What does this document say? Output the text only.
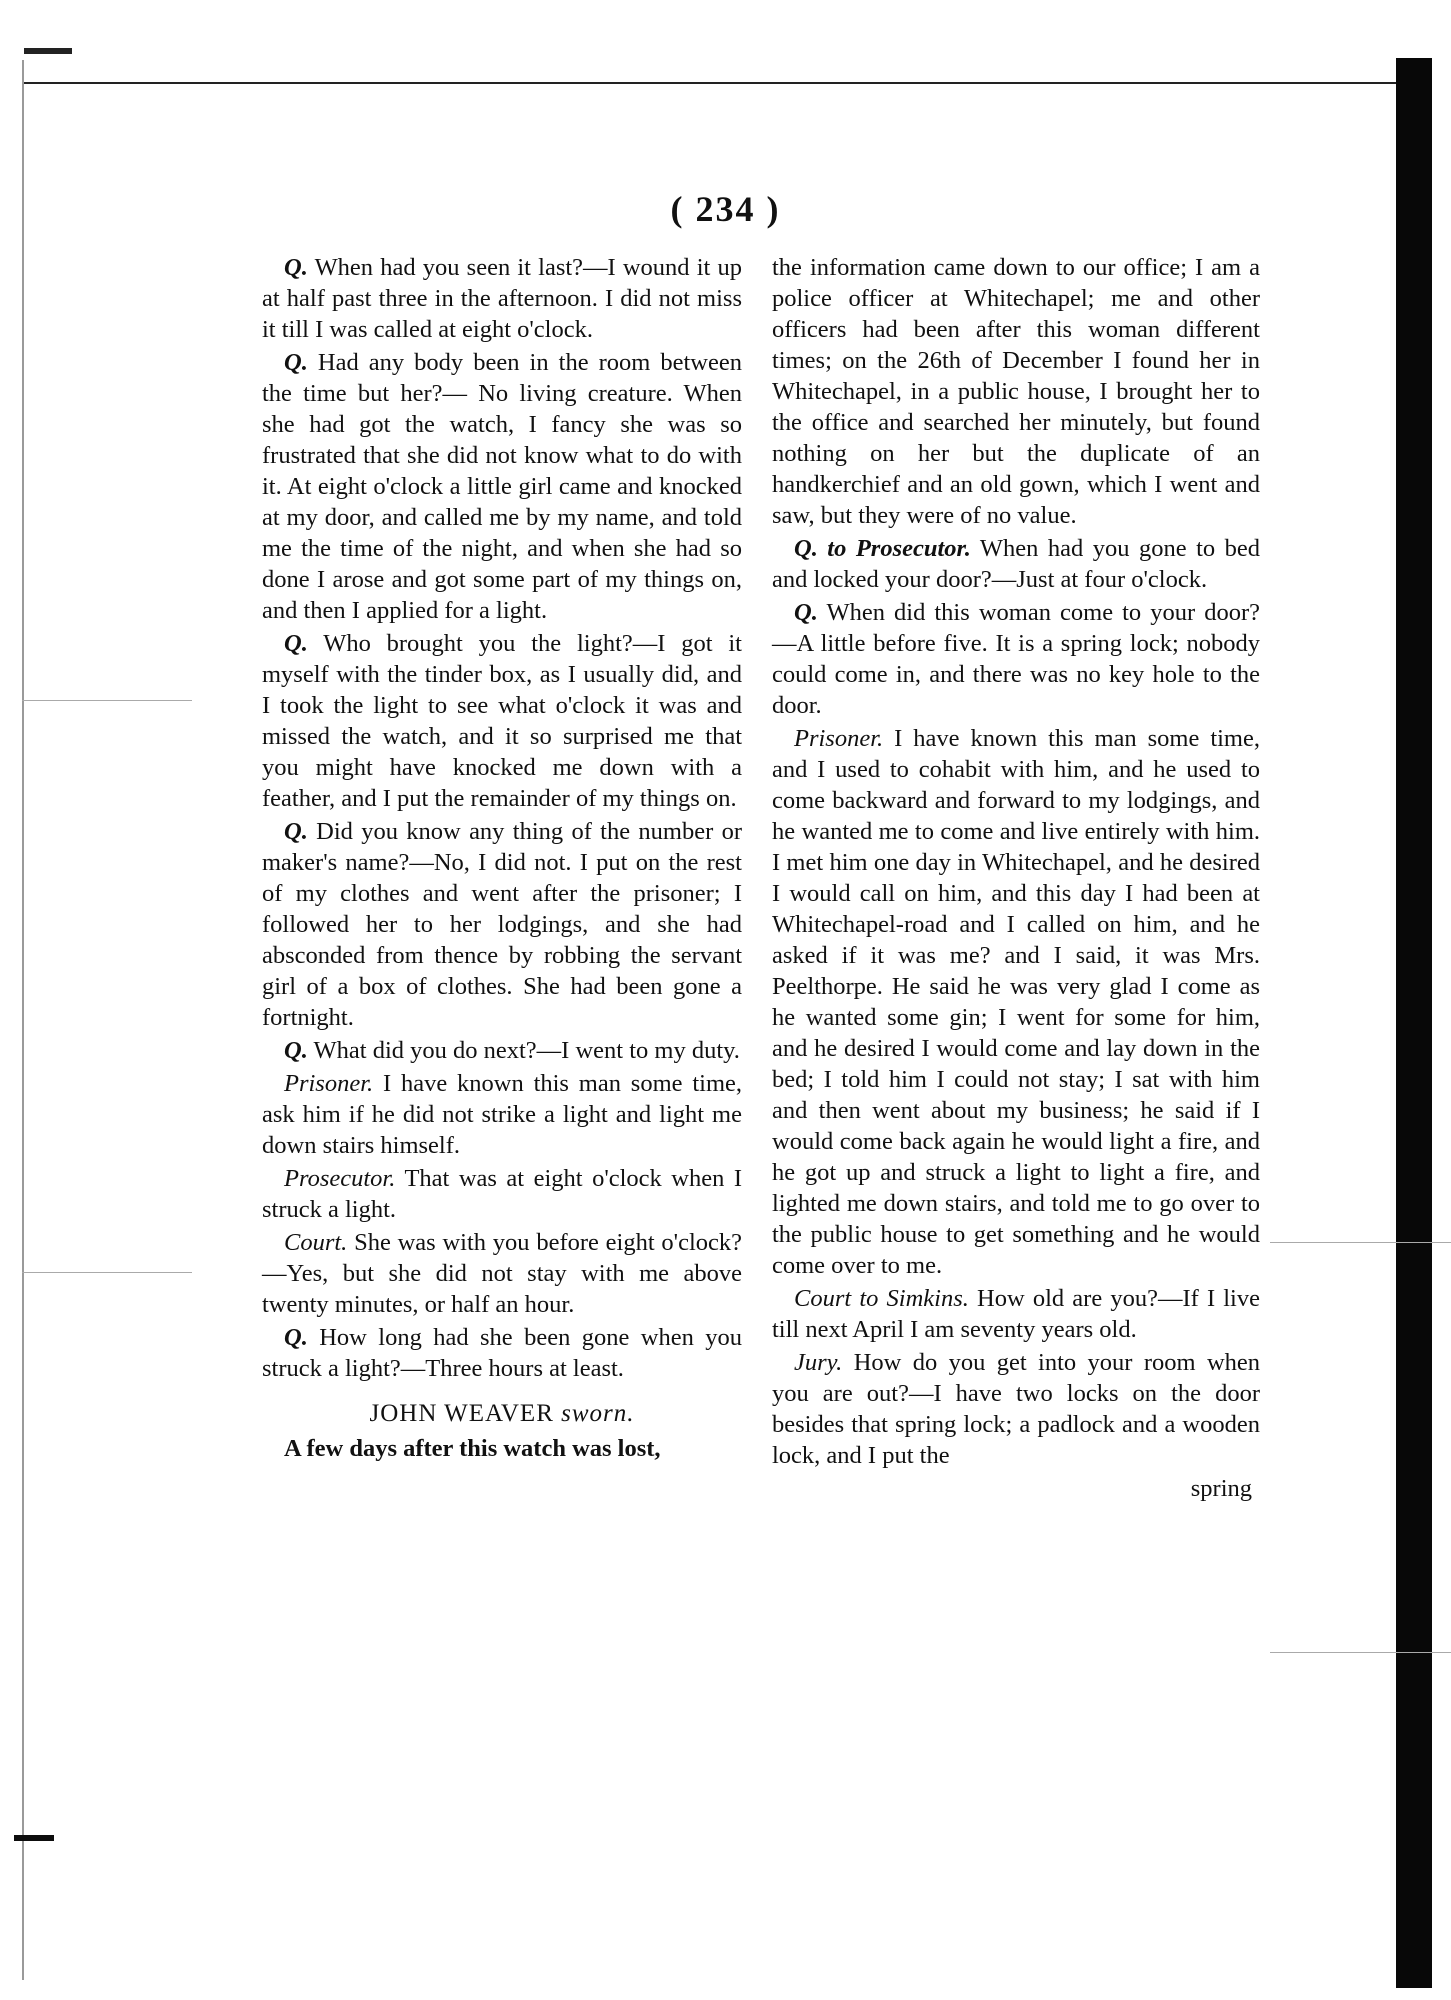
( 234 )

Q. When had you seen it last?—I wound it up at half past three in the afternoon. I did not miss it till I was called at eight o'clock.

Q. Had any body been in the room between the time but her?— No living creature. When she had got the watch, I fancy she was so frustrated that she did not know what to do with it. At eight o'clock a little girl came and knocked at my door, and called me by my name, and told me the time of the night, and when she had so done I arose and got some part of my things on, and then I applied for a light.

Q. Who brought you the light?—I got it myself with the tinder box, as I usually did, and I took the light to see what o'clock it was and missed the watch, and it so surprised me that you might have knocked me down with a feather, and I put the remainder of my things on.

Q. Did you know any thing of the number or maker's name?—No, I did not. I put on the rest of my clothes and went after the prisoner; I followed her to her lodgings, and she had absconded from thence by robbing the servant girl of a box of clothes. She had been gone a fortnight.

Q. What did you do next?—I went to my duty.

Prisoner. I have known this man some time, ask him if he did not strike a light and light me down stairs himself.

Prosecutor. That was at eight o'clock when I struck a light.

Court. She was with you before eight o'clock?—Yes, but she did not stay with me above twenty minutes, or half an hour.

Q. How long had she been gone when you struck a light?—Three hours at least.

JOHN WEAVER sworn.

A few days after this watch was lost,

the information came down to our office; I am a police officer at Whitechapel; me and other officers had been after this woman different times; on the 26th of December I found her in Whitechapel, in a public house, I brought her to the office and searched her minutely, but found nothing on her but the duplicate of an handkerchief and an old gown, which I went and saw, but they were of no value.

Q. to Prosecutor. When had you gone to bed and locked your door?—Just at four o'clock.

Q. When did this woman come to your door?—A little before five. It is a spring lock; nobody could come in, and there was no key hole to the door.

Prisoner. I have known this man some time, and I used to cohabit with him, and he used to come backward and forward to my lodgings, and he wanted me to come and live entirely with him. I met him one day in Whitechapel, and he desired I would call on him, and this day I had been at Whitechapel-road and I called on him, and he asked if it was me? and I said, it was Mrs. Peelthorpe. He said he was very glad I come as he wanted some gin; I went for some for him, and he desired I would come and lay down in the bed; I told him I could not stay; I sat with him and then went about my business; he said if I would come back again he would light a fire, and he got up and struck a light to light a fire, and lighted me down stairs, and told me to go over to the public house to get something and he would come over to me.

Court to Simkins. How old are you?—If I live till next April I am seventy years old.

Jury. How do you get into your room when you are out?—I have two locks on the door besides that spring lock; a padlock and a wooden lock, and I put the

spring
